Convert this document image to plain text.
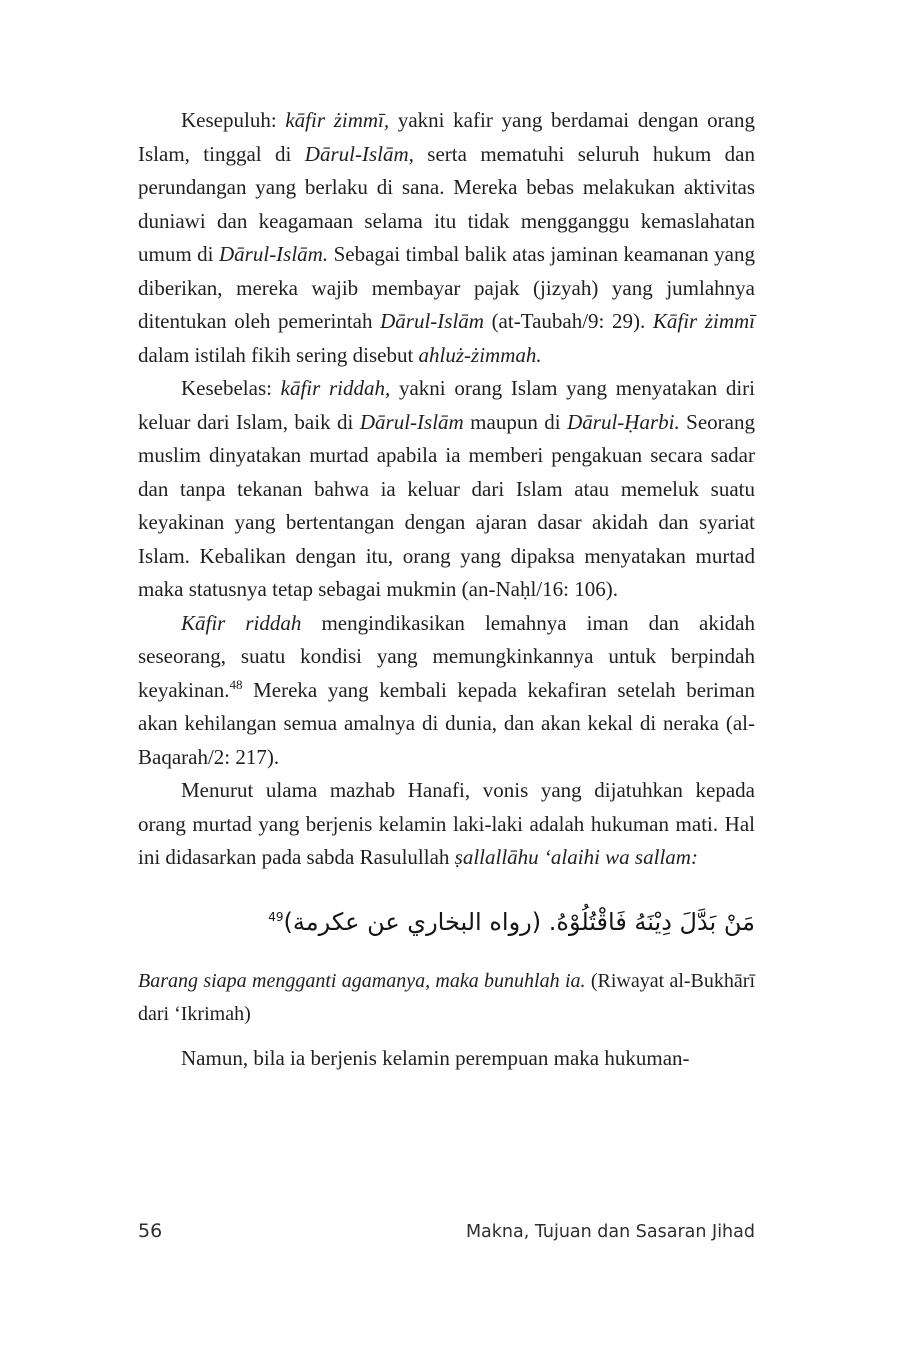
Kesepuluh: kāfir żimmī, yakni kafir yang berdamai dengan orang Islam, tinggal di Dārul-Islām, serta mematuhi seluruh hukum dan perundangan yang berlaku di sana. Mereka bebas melakukan aktivitas duniawi dan keagamaan selama itu tidak mengganggu kemaslahatan umum di Dārul-Islām. Sebagai timbal balik atas jaminan keamanan yang diberikan, mereka wajib membayar pajak (jizyah) yang jumlahnya ditentukan oleh pemerintah Dārul-Islām (at-Taubah/9: 29). Kāfir żimmī dalam istilah fikih sering disebut ahluż-żimmah.

Kesebelas: kāfir riddah, yakni orang Islam yang menyatakan diri keluar dari Islam, baik di Dārul-Islām maupun di Dārul-Ḥarbi. Seorang muslim dinyatakan murtad apabila ia memberi pengakuan secara sadar dan tanpa tekanan bahwa ia keluar dari Islam atau memeluk suatu keyakinan yang bertentangan dengan ajaran dasar akidah dan syariat Islam. Kebalikan dengan itu, orang yang dipaksa menyatakan murtad maka statusnya tetap sebagai mukmin (an-Naḥl/16: 106).

Kāfir riddah mengindikasikan lemahnya iman dan akidah seseorang, suatu kondisi yang memungkinkannya untuk berpindah keyakinan.$^{48}$ Mereka yang kembali kepada kekafiran setelah beriman akan kehilangan semua amalnya di dunia, dan akan kekal di neraka (al-Baqarah/2: 217).

Menurut ulama mazhab Hanafi, vonis yang dijatuhkan kepada orang murtad yang berjenis kelamin laki-laki adalah hukuman mati. Hal ini didasarkan pada sabda Rasulullah ṣallallāhu ‘alaihi wa sallam:

مَنْ بَدَّلَ دِيْنَهُ فَاقْتُلُوْهُ. (رواه البخاري عن عكرمة)$^{49}$

Barang siapa mengganti agamanya, maka bunuhlah ia. (Riwayat al-Bukhārī dari ‘Ikrimah)

Namun, bila ia berjenis kelamin perempuan maka hukuman-

56	Makna, Tujuan dan Sasaran Jihad
